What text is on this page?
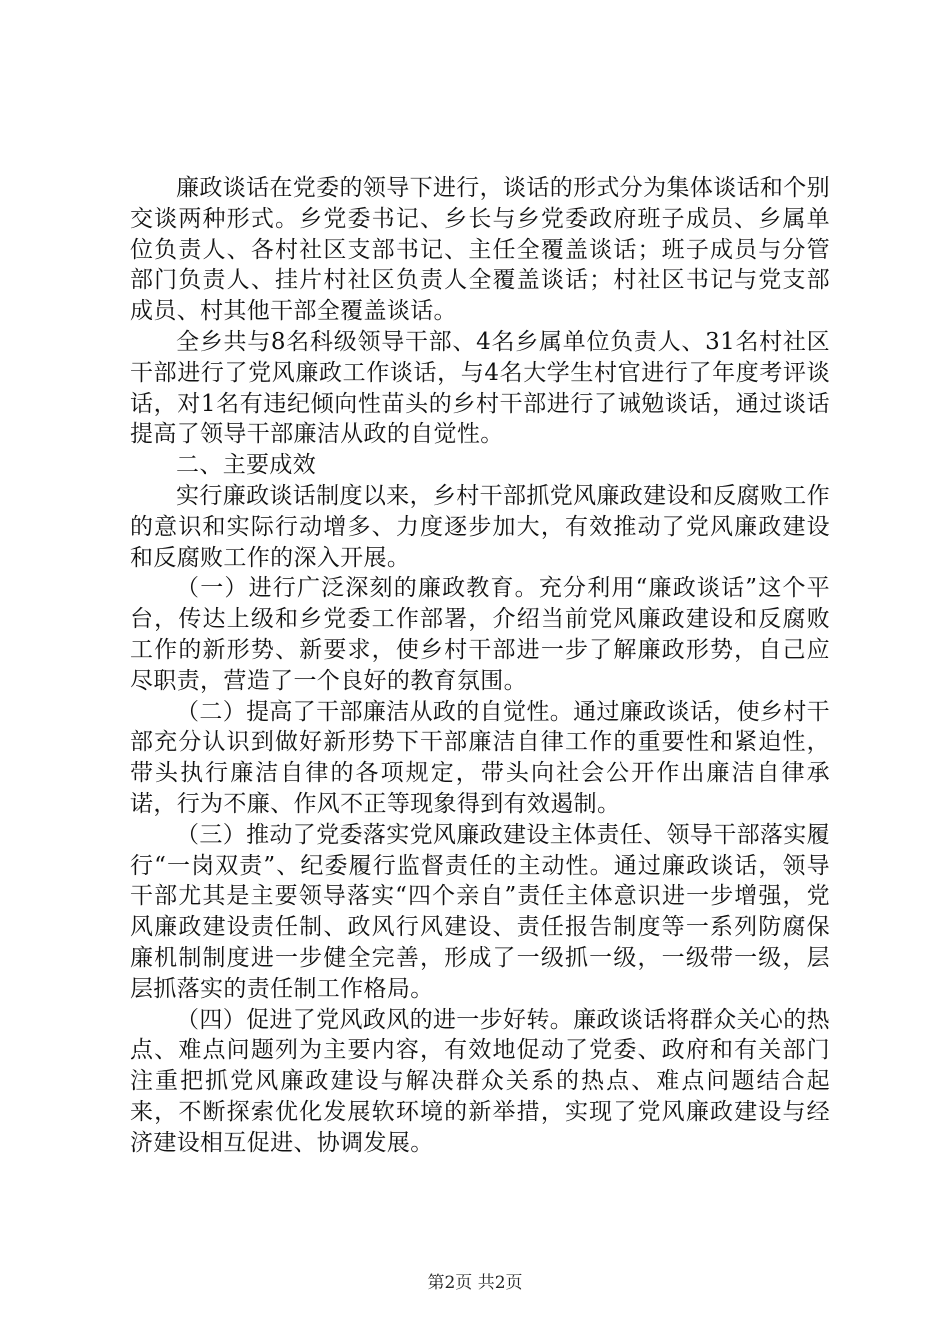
廉政谈话在党委的领导下进行，谈话的形式分为集体谈话和个别交谈两种形式。乡党委书记、乡长与乡党委政府班子成员、乡属单位负责人、各村社区支部书记、主任全覆盖谈话；班子成员与分管部门负责人、挂片村社区负责人全覆盖谈话；村社区书记与党支部成员、村其他干部全覆盖谈话。

全乡共与8名科级领导干部、4名乡属单位负责人、31名村社区干部进行了党风廉政工作谈话，与4名大学生村官进行了年度考评谈话，对1名有违纪倾向性苗头的乡村干部进行了诫勉谈话，通过谈话提高了领导干部廉洁从政的自觉性。

二、主要成效

实行廉政谈话制度以来，乡村干部抓党风廉政建设和反腐败工作的意识和实际行动增多、力度逐步加大，有效推动了党风廉政建设和反腐败工作的深入开展。

（一）进行广泛深刻的廉政教育。充分利用“廉政谈话”这个平台，传达上级和乡党委工作部署，介绍当前党风廉政建设和反腐败工作的新形势、新要求，使乡村干部进一步了解廉政形势，自己应尽职责，营造了一个良好的教育氛围。

（二）提高了干部廉洁从政的自觉性。通过廉政谈话，使乡村干部充分认识到做好新形势下干部廉洁自律工作的重要性和紧迫性，带头执行廉洁自律的各项规定，带头向社会公开作出廉洁自律承诺，行为不廉、作风不正等现象得到有效遏制。

（三）推动了党委落实党风廉政建设主体责任、领导干部落实履行“一岗双责”、纪委履行监督责任的主动性。通过廉政谈话，领导干部尤其是主要领导落实“四个亲自”责任主体意识进一步增强，党风廉政建设责任制、政风行风建设、责任报告制度等一系列防腐保廉机制制度进一步健全完善，形成了一级抓一级，一级带一级，层层抓落实的责任制工作格局。

（四）促进了党风政风的进一步好转。廉政谈话将群众关心的热点、难点问题列为主要内容，有效地促动了党委、政府和有关部门注重把抓党风廉政建设与解决群众关系的热点、难点问题结合起来，不断探索优化发展软环境的新举措，实现了党风廉政建设与经济建设相互促进、协调发展。

第2页 共2页
